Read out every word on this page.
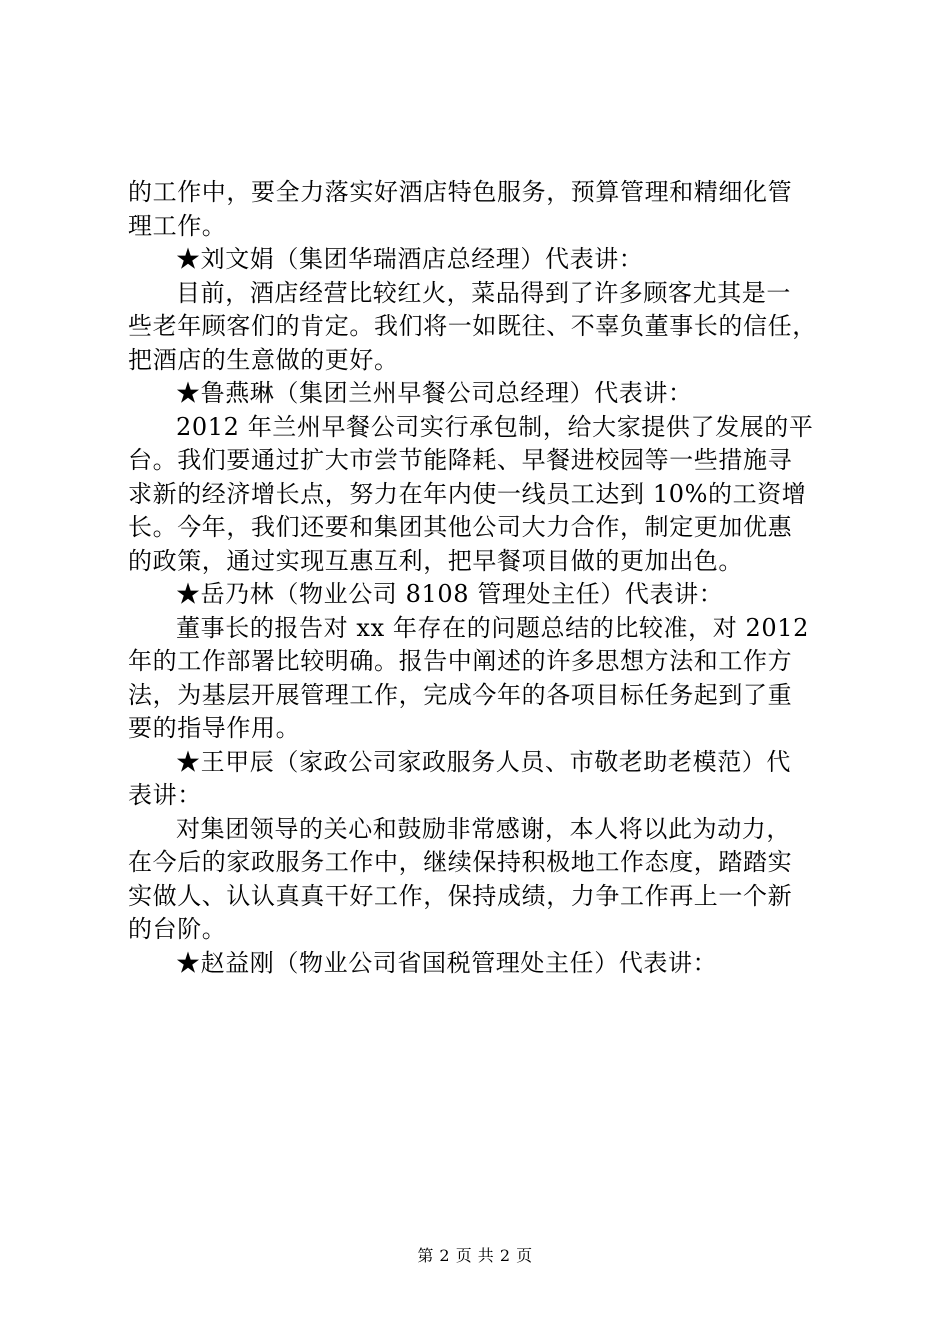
的工作中，要全力落实好酒店特色服务，预算管理和精细化管
理工作。
★刘文娟（集团华瑞酒店总经理）代表讲：
目前，酒店经营比较红火，菜品得到了许多顾客尤其是一
些老年顾客们的肯定。我们将一如既往、不辜负董事长的信任，
把酒店的生意做的更好。
★鲁燕琳（集团兰州早餐公司总经理）代表讲：
2012 年兰州早餐公司实行承包制，给大家提供了发展的平
台。我们要通过扩大市尝节能降耗、早餐进校园等一些措施寻
求新的经济增长点，努力在年内使一线员工达到 10%的工资增
长。今年，我们还要和集团其他公司大力合作，制定更加优惠
的政策，通过实现互惠互利，把早餐项目做的更加出色。
★岳乃林（物业公司 8108 管理处主任）代表讲：
董事长的报告对 xx 年存在的问题总结的比较准，对 2012
年的工作部署比较明确。报告中阐述的许多思想方法和工作方
法，为基层开展管理工作，完成今年的各项目标任务起到了重
要的指导作用。
★王甲辰（家政公司家政服务人员、市敬老助老模范）代
表讲：
对集团领导的关心和鼓励非常感谢，本人将以此为动力，
在今后的家政服务工作中，继续保持积极地工作态度，踏踏实
实做人、认认真真干好工作，保持成绩，力争工作再上一个新
的台阶。
★赵益刚（物业公司省国税管理处主任）代表讲：
第 2 页 共 2 页
